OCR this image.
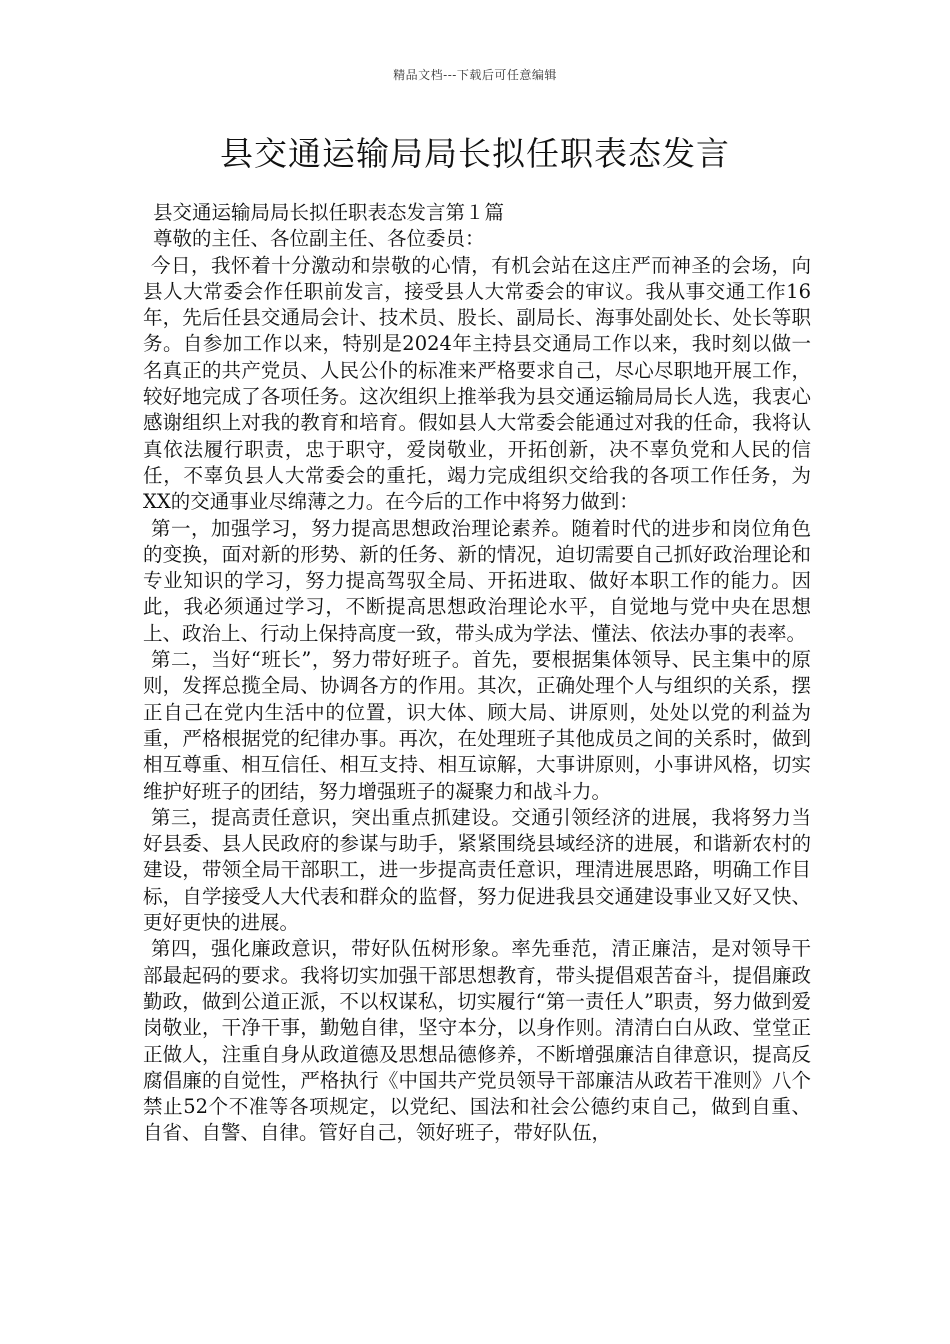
精品文档---下载后可任意编辑
县交通运输局局长拟任职表态发言

县交通运输局局长拟任职表态发言第１篇

尊敬的主任、各位副主任、各位委员：

今日，我怀着十分激动和崇敬的心情，有机会站在这庄严而神圣的会场，向县人大常委会作任职前发言，接受县人大常委会的审议。我从事交通工作16年，先后任县交通局会计、技术员、股长、副局长、海事处副处长、处长等职务。自参加工作以来，特别是2024年主持县交通局工作以来，我时刻以做一名真正的共产党员、人民公仆的标准来严格要求自己，尽心尽职地开展工作，较好地完成了各项任务。这次组织上推举我为县交通运输局局长人选，我衷心感谢组织上对我的教育和培育。假如县人大常委会能通过对我的任命，我将认真依法履行职责，忠于职守，爱岗敬业，开拓创新，决不辜负党和人民的信任，不辜负县人大常委会的重托，竭力完成组织交给我的各项工作任务，为XX的交通事业尽绵薄之力。在今后的工作中将努力做到：

第一，加强学习，努力提高思想政治理论素养。随着时代的进步和岗位角色的变换，面对新的形势、新的任务、新的情况，迫切需要自己抓好政治理论和专业知识的学习，努力提高驾驭全局、开拓进取、做好本职工作的能力。因此，我必须通过学习，不断提高思想政治理论水平，自觉地与党中央在思想上、政治上、行动上保持高度一致，带头成为学法、懂法、依法办事的表率。

第二，当好“班长”，努力带好班子。首先，要根据集体领导、民主集中的原则，发挥总揽全局、协调各方的作用。其次，正确处理个人与组织的关系，摆正自己在党内生活中的位置，识大体、顾大局、讲原则，处处以党的利益为重，严格根据党的纪律办事。再次，在处理班子其他成员之间的关系时，做到相互尊重、相互信任、相互支持、相互谅解，大事讲原则，小事讲风格，切实维护好班子的团结，努力增强班子的凝聚力和战斗力。

第三，提高责任意识，突出重点抓建设。交通引领经济的进展，我将努力当好县委、县人民政府的参谋与助手，紧紧围绕县域经济的进展，和谐新农村的建设，带领全局干部职工，进一步提高责任意识，理清进展思路，明确工作目标，自学接受人大代表和群众的监督，努力促进我县交通建设事业又好又快、更好更快的进展。

第四，强化廉政意识，带好队伍树形象。率先垂范，清正廉洁，是对领导干部最起码的要求。我将切实加强干部思想教育，带头提倡艰苦奋斗，提倡廉政勤政，做到公道正派，不以权谋私，切实履行“第一责任人”职责，努力做到爱岗敬业，干净干事，勤勉自律，坚守本分，以身作则。清清白白从政、堂堂正正做人，注重自身从政道德及思想品德修养，不断增强廉洁自律意识，提高反腐倡廉的自觉性，严格执行《中国共产党员领导干部廉洁从政若干准则》八个禁止52个不准等各项规定，以党纪、国法和社会公德约束自己，做到自重、自省、自警、自律。管好自己，领好班子，带好队伍，
